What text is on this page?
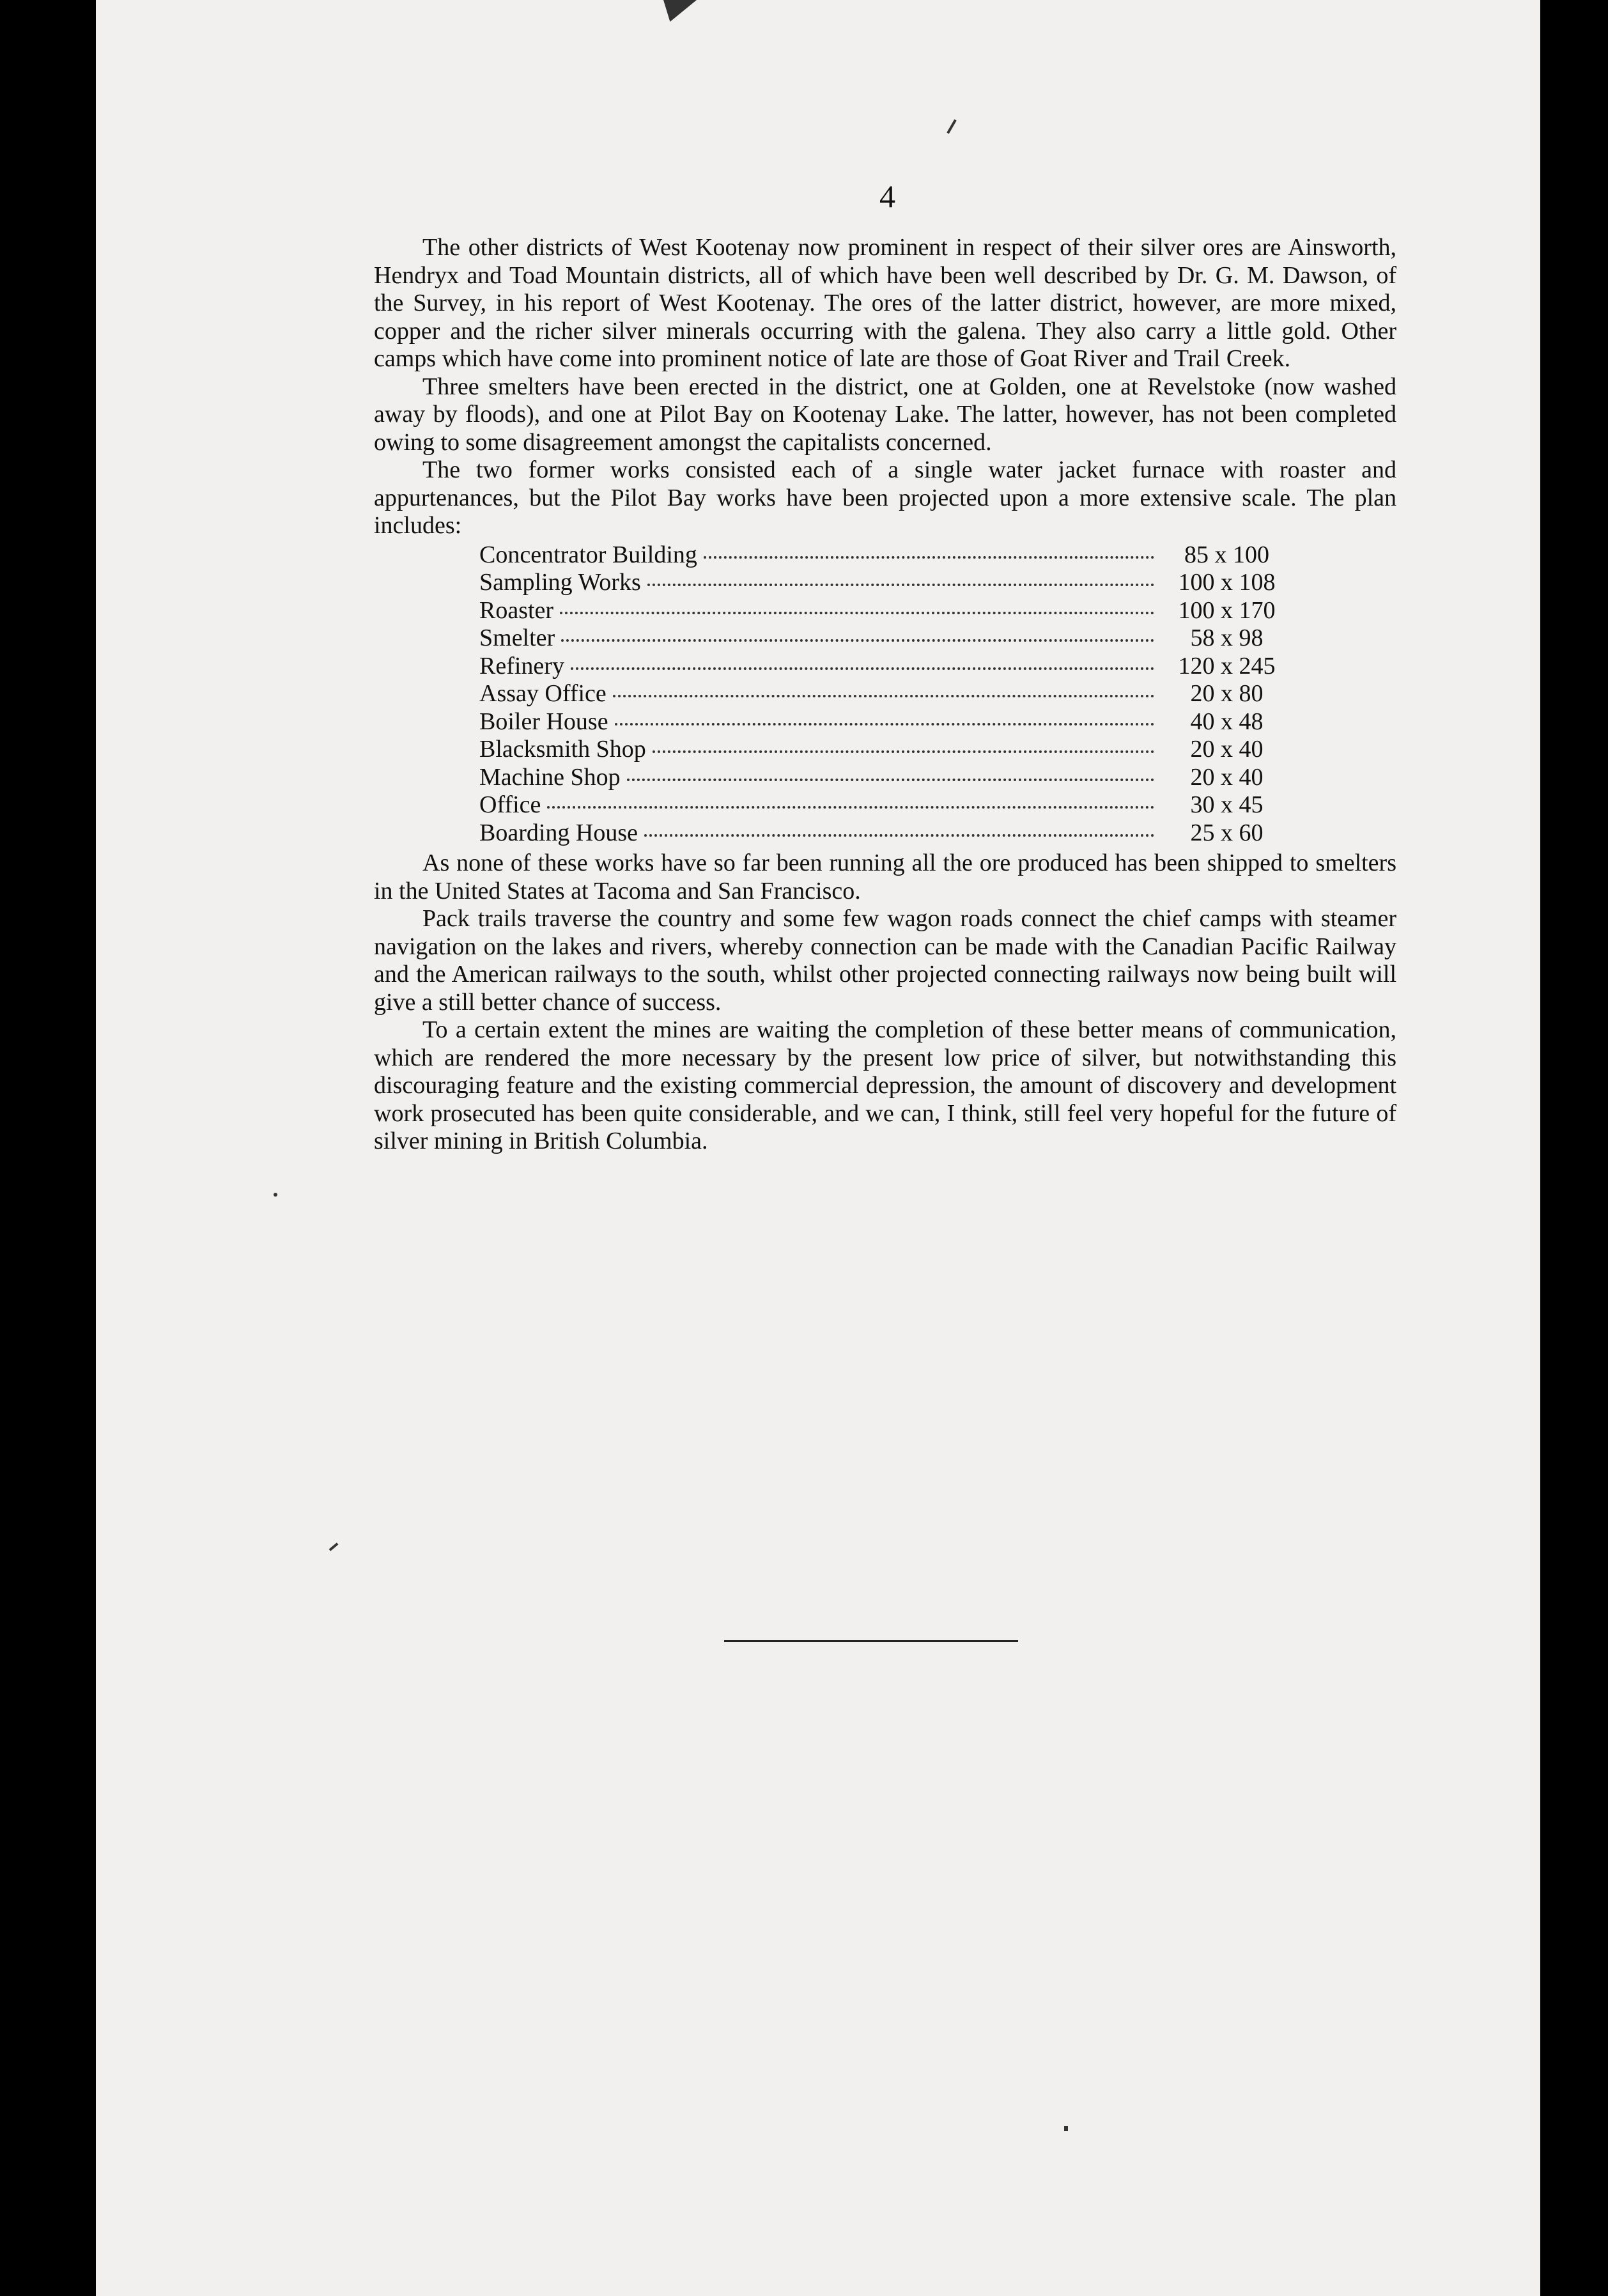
4

The other districts of West Kootenay now prominent in respect of their silver ores are Ainsworth, Hendryx and Toad Mountain districts, all of which have been well described by Dr. G. M. Dawson, of the Survey, in his report of West Kootenay. The ores of the latter district, however, are more mixed, copper and the richer silver minerals occurring with the galena. They also carry a little gold. Other camps which have come into prominent notice of late are those of Goat River and Trail Creek.

Three smelters have been erected in the district, one at Golden, one at Revelstoke (now washed away by floods), and one at Pilot Bay on Kootenay Lake. The latter, however, has not been completed owing to some disagreement amongst the capitalists concerned.

The two former works consisted each of a single water jacket furnace with roaster and appurtenances, but the Pilot Bay works have been projected upon a more extensive scale. The plan includes:

Concentrator Building	85 x 100
Sampling Works	100 x 108
Roaster	100 x 170
Smelter	58 x 98
Refinery	120 x 245
Assay Office	20 x 80
Boiler House	40 x 48
Blacksmith Shop	20 x 40
Machine Shop	20 x 40
Office	30 x 45
Boarding House	25 x 60

As none of these works have so far been running all the ore produced has been shipped to smelters in the United States at Tacoma and San Francisco.

Pack trails traverse the country and some few wagon roads connect the chief camps with steamer navigation on the lakes and rivers, whereby connection can be made with the Canadian Pacific Railway and the American railways to the south, whilst other projected connecting railways now being built will give a still better chance of success.

To a certain extent the mines are waiting the completion of these better means of communication, which are rendered the more necessary by the present low price of silver, but notwithstanding this discouraging feature and the existing commercial depression, the amount of discovery and development work prosecuted has been quite considerable, and we can, I think, still feel very hopeful for the future of silver mining in British Columbia.
